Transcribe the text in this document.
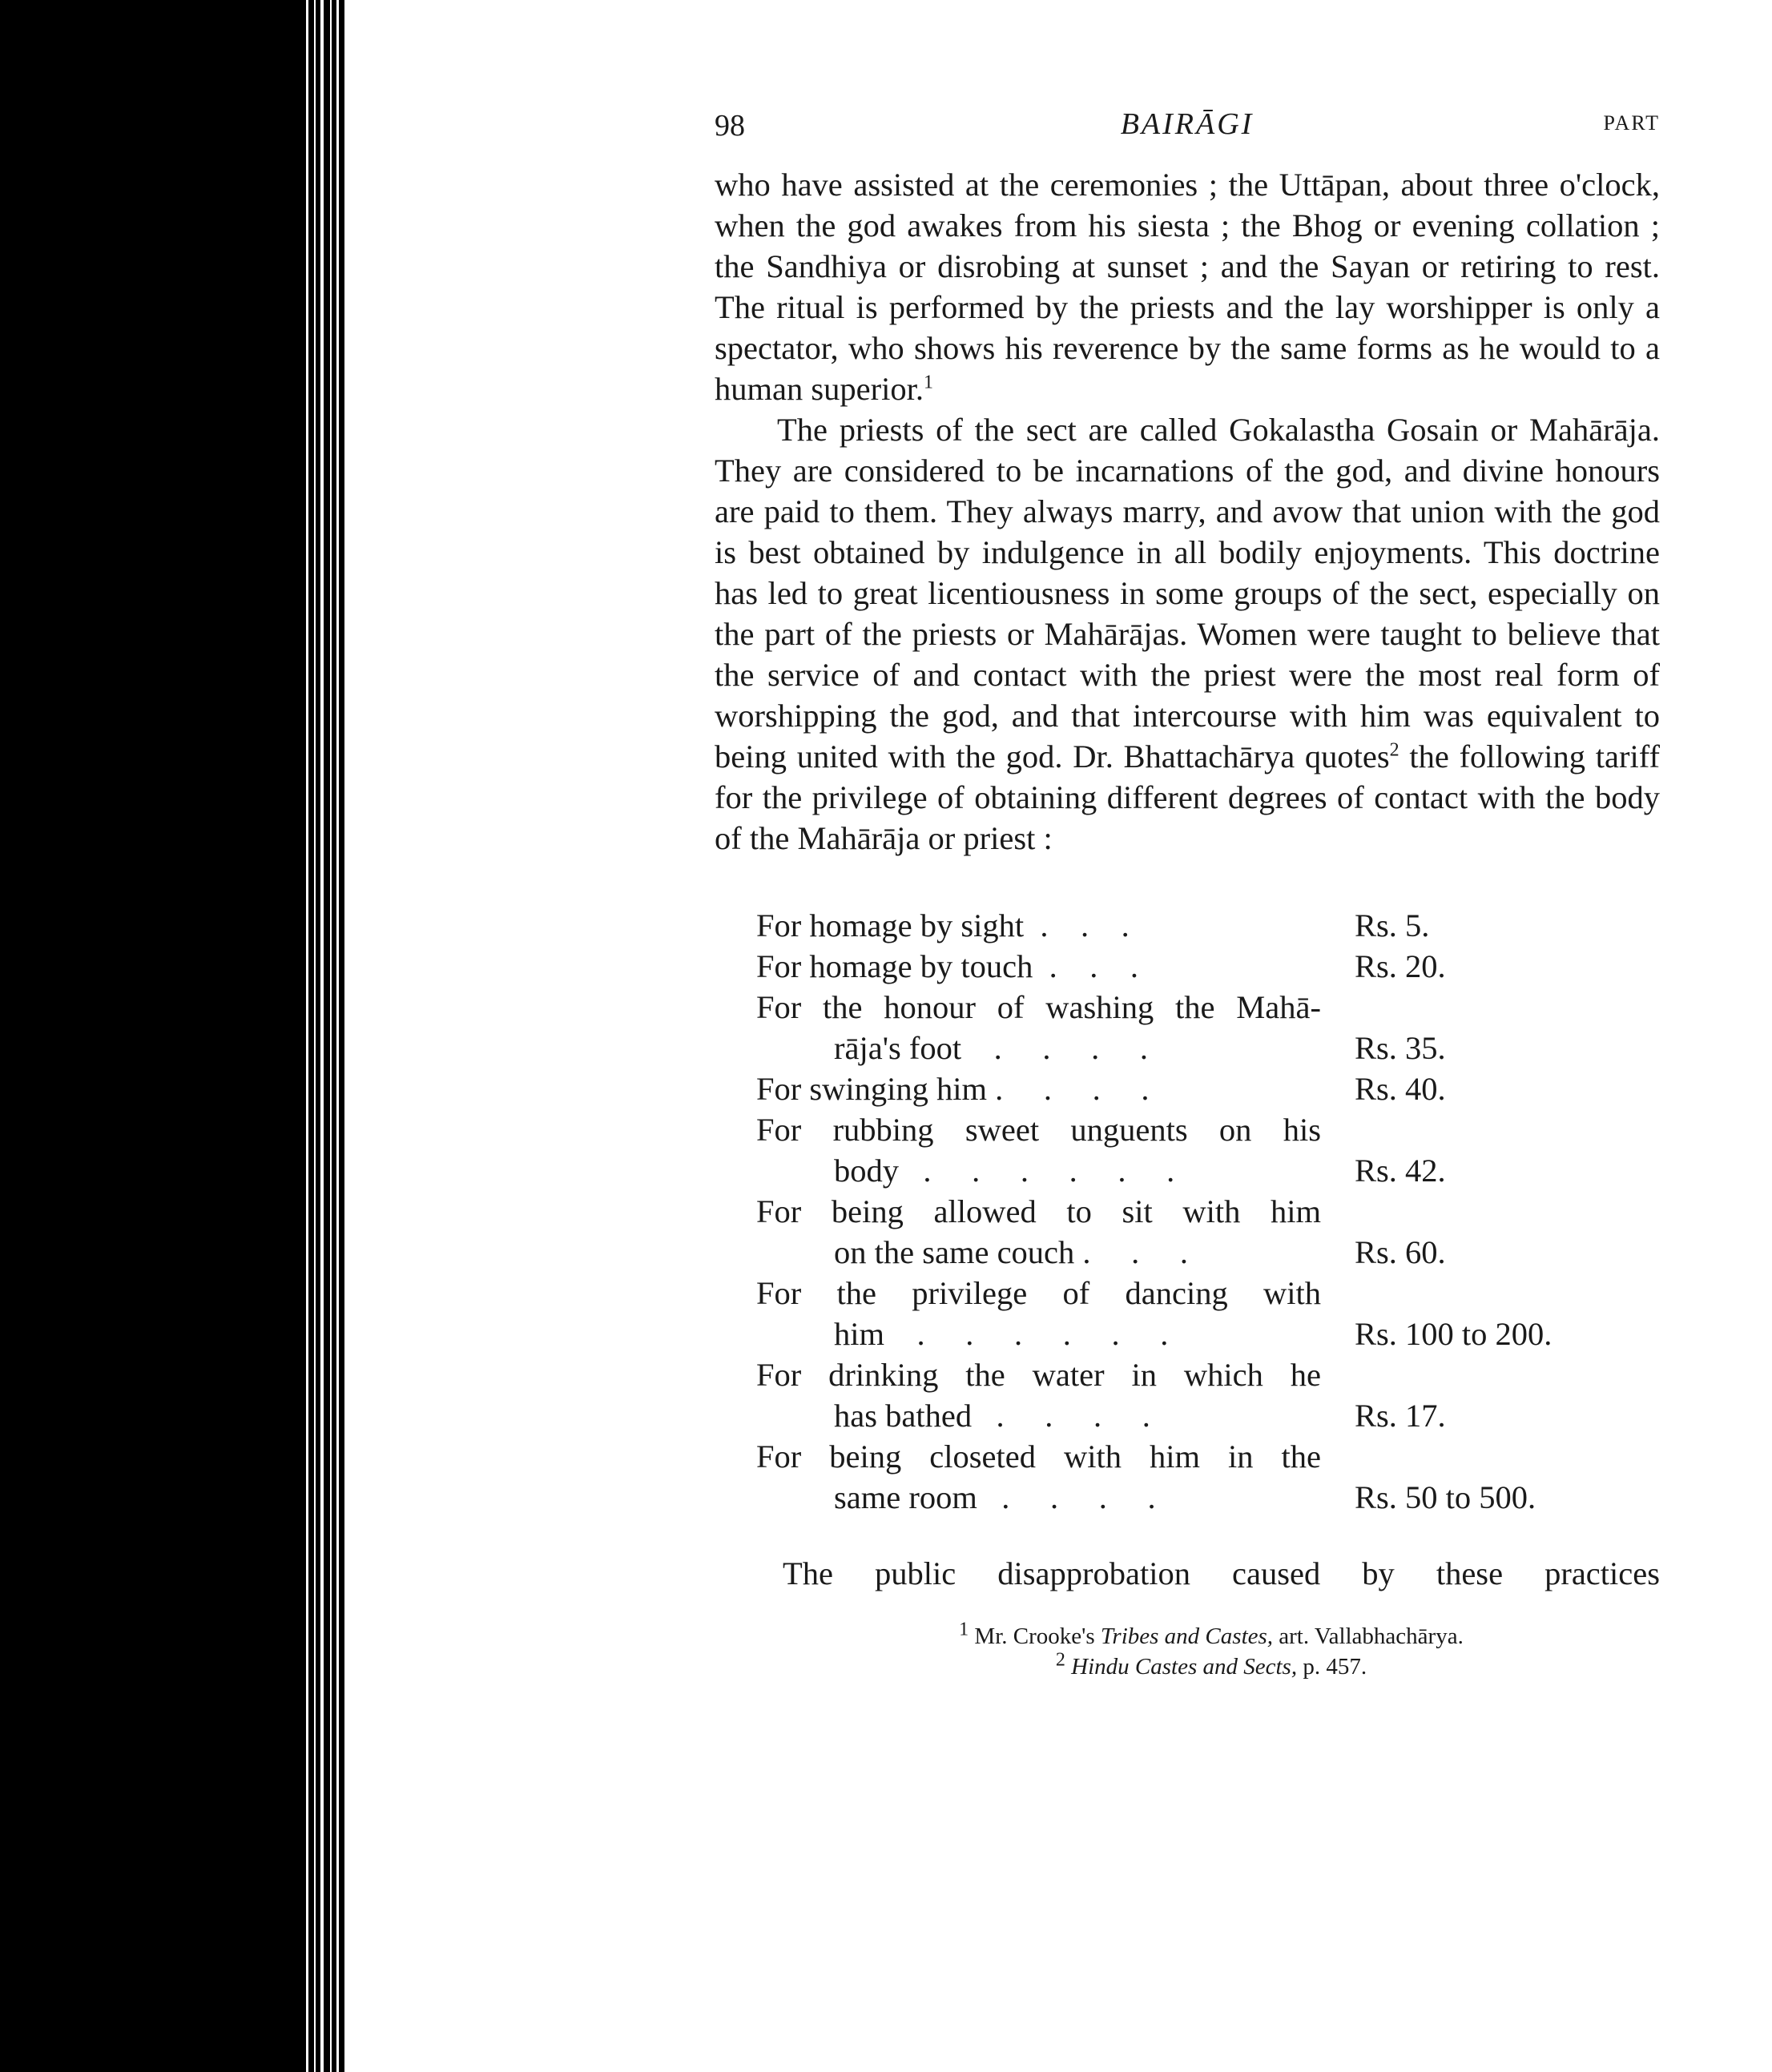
98	BAIRĀGI	PART

who have assisted at the ceremonies ; the Uttāpan, about three o'clock, when the god awakes from his siesta ; the Bhog or evening collation ; the Sandhiya or disrobing at sunset ; and the Sayan or retiring to rest. The ritual is performed by the priests and the lay worshipper is only a spectator, who shows his reverence by the same forms as he would to a human superior.$^1$

The priests of the sect are called Gokalastha Gosain or Mahārāja. They are considered to be incarnations of the god, and divine honours are paid to them. They always marry, and avow that union with the god is best obtained by indulgence in all bodily enjoyments. This doctrine has led to great licentiousness in some groups of the sect, especially on the part of the priests or Mahārājas. Women were taught to believe that the service of and contact with the priest were the most real form of worshipping the god, and that intercourse with him was equivalent to being united with the god. Dr. Bhattachārya quotes$^2$ the following tariff for the privilege of obtaining different degrees of contact with the body of the Mahārāja or priest :

For homage by sight  .    .    .	Rs. 5.
For homage by touch  .    .    .	Rs. 20.
For the honour of washing the Mahā-
rāja's foot    .     .     .     .	Rs. 35.
For swinging him .     .     .     .	Rs. 40.
For rubbing sweet unguents on his
body   .     .     .     .     .     .	Rs. 42.
For being allowed to sit with him
on the same couch .     .     .	Rs. 60.
For the privilege of dancing with
him    .     .     .     .     .     .	Rs. 100 to 200.
For drinking the water in which he
has bathed   .     .     .     .	Rs. 17.
For being closeted with him in the
same room   .     .     .     .	Rs. 50 to 500.

The public disapprobation caused by these practices

$^1$ Mr. Crooke's Tribes and Castes, art. Vallabhachārya.
$^2$ Hindu Castes and Sects, p. 457.
